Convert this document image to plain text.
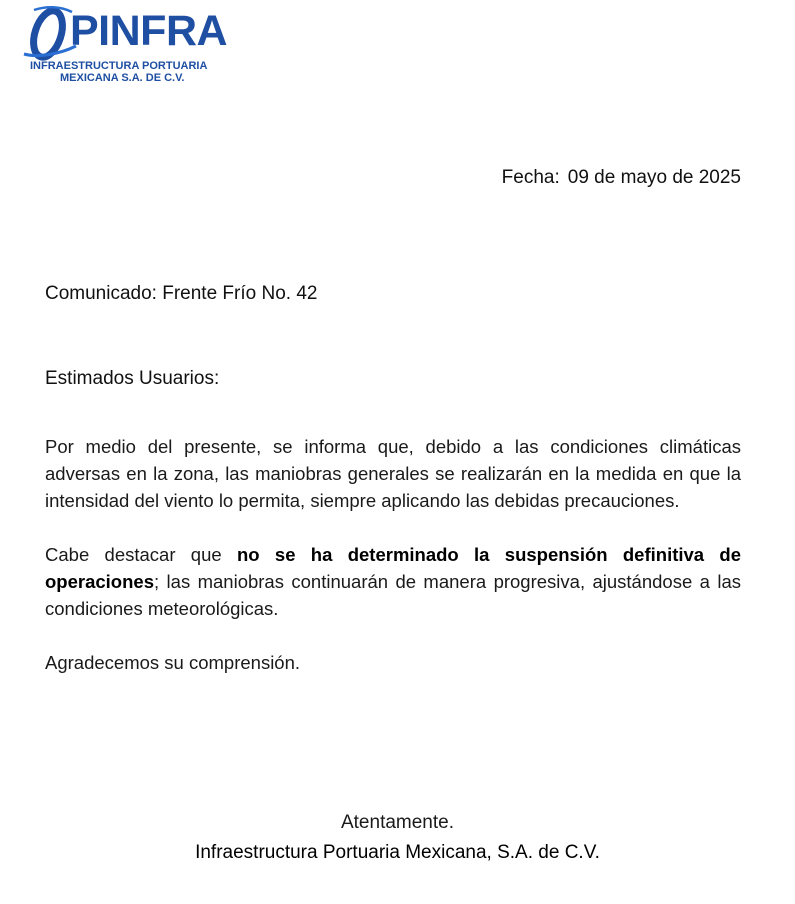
PINFRA
INFRAESTRUCTURA PORTUARIA
MEXICANA S.A. DE C.V.
Fecha: 09 de mayo de 2025
Comunicado: Frente Frío No. 42
Estimados Usuarios:

Por medio del presente, se informa que, debido a las condiciones climáticas adversas en la zona, las maniobras generales se realizarán en la medida en que la intensidad del viento lo permita, siempre aplicando las debidas precauciones.

Cabe destacar que no se ha determinado la suspensión definitiva de operaciones; las maniobras continuarán de manera progresiva, ajustándose a las condiciones meteorológicas.

Agradecemos su comprensión.

Atentamente.
Infraestructura Portuaria Mexicana, S.A. de C.V.
